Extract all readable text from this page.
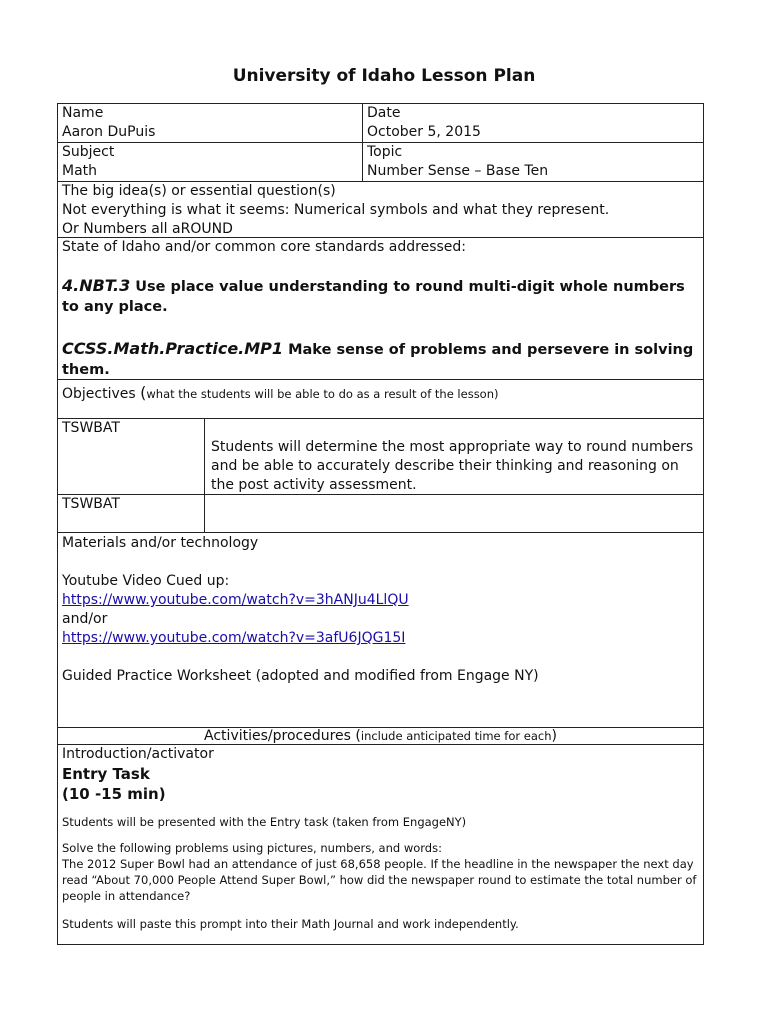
University of Idaho Lesson Plan
Name
Aaron DuPuis
Date
October 5, 2015
Subject
Math
Topic
Number Sense – Base Ten
The big idea(s) or essential question(s)
Not everything is what it seems: Numerical symbols and what they represent.
Or Numbers all aROUND
State of Idaho and/or common core standards addressed:
4.NBT.3 Use place value understanding to round multi-digit whole numbers to any place.
CCSS.Math.Practice.MP1 Make sense of problems and persevere in solving them.
Objectives (what the students will be able to do as a result of the lesson)
TSWBAT
Students will determine the most appropriate way to round numbers and be able to accurately describe their thinking and reasoning on the post activity assessment.
TSWBAT
Materials and/or technology
Youtube Video Cued up:
https://www.youtube.com/watch?v=3hANJu4LlQU
and/or
https://www.youtube.com/watch?v=3afU6JQG15I
Guided Practice Worksheet (adopted and modified from Engage NY)
Activities/procedures (include anticipated time for each)
Introduction/activator
Entry Task
(10 -15 min)
Students will be presented with the Entry task (taken from EngageNY)
Solve the following problems using pictures, numbers, and words:
The 2012 Super Bowl had an attendance of just 68,658 people. If the headline in the newspaper the next day read “About 70,000 People Attend Super Bowl,” how did the newspaper round to estimate the total number of people in attendance?
Students will paste this prompt into their Math Journal and work independently.
